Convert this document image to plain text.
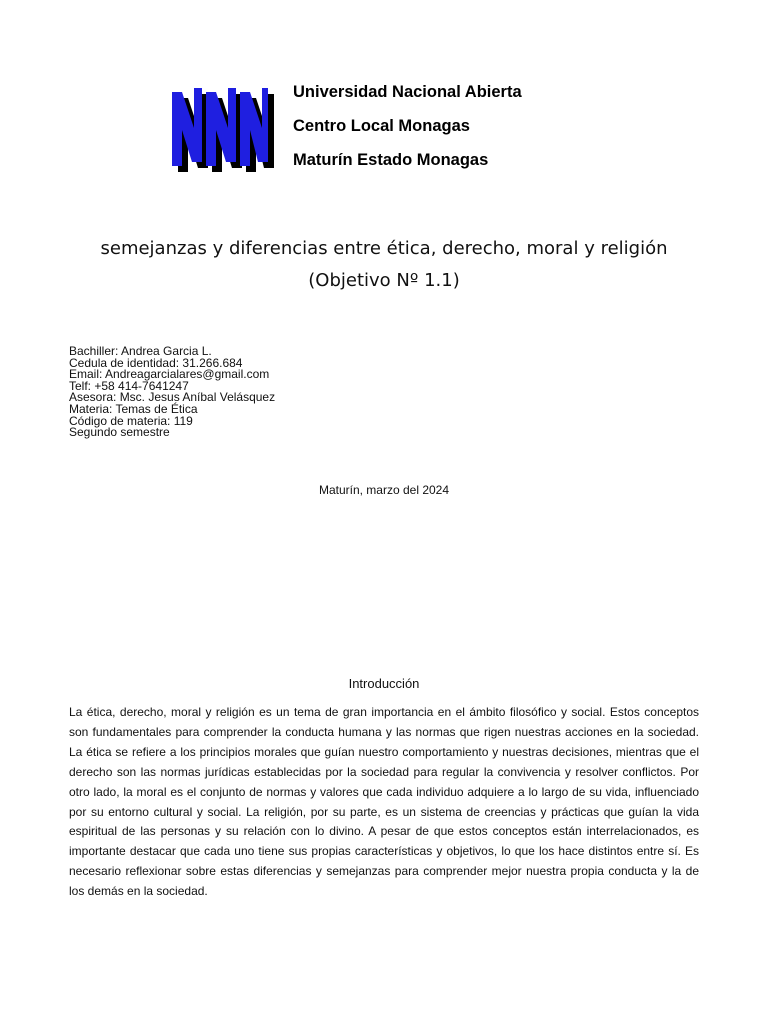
Universidad Nacional Abierta
Centro Local Monagas
Maturín Estado Monagas
semejanzas y diferencias entre ética, derecho, moral y religión
(Objetivo Nº 1.1)
Bachiller: Andrea Garcia L.
Cedula de identidad: 31.266.684
Email: Andreagarcialares@gmail.com
Telf: +58 414-7641247
Asesora: Msc. Jesus Aníbal Velásquez
Materia: Temas de Ética
Código de materia: 119
Segundo semestre
Maturín, marzo del 2024
Introducción

La ética, derecho, moral y religión es un tema de gran importancia en el ámbito filosófico y social. Estos conceptos son fundamentales para comprender la conducta humana y las normas que rigen nuestras acciones en la sociedad. La ética se refiere a los principios morales que guían nuestro comportamiento y nuestras decisiones, mientras que el derecho son las normas jurídicas establecidas por la sociedad para regular la convivencia y resolver conflictos. Por otro lado, la moral es el conjunto de normas y valores que cada individuo adquiere a lo largo de su vida, influenciado por su entorno cultural y social. La religión, por su parte, es un sistema de creencias y prácticas que guían la vida espiritual de las personas y su relación con lo divino. A pesar de que estos conceptos están interrelacionados, es importante destacar que cada uno tiene sus propias características y objetivos, lo que los hace distintos entre sí. Es necesario reflexionar sobre estas diferencias y semejanzas para comprender mejor nuestra propia conducta y la de los demás en la sociedad.
